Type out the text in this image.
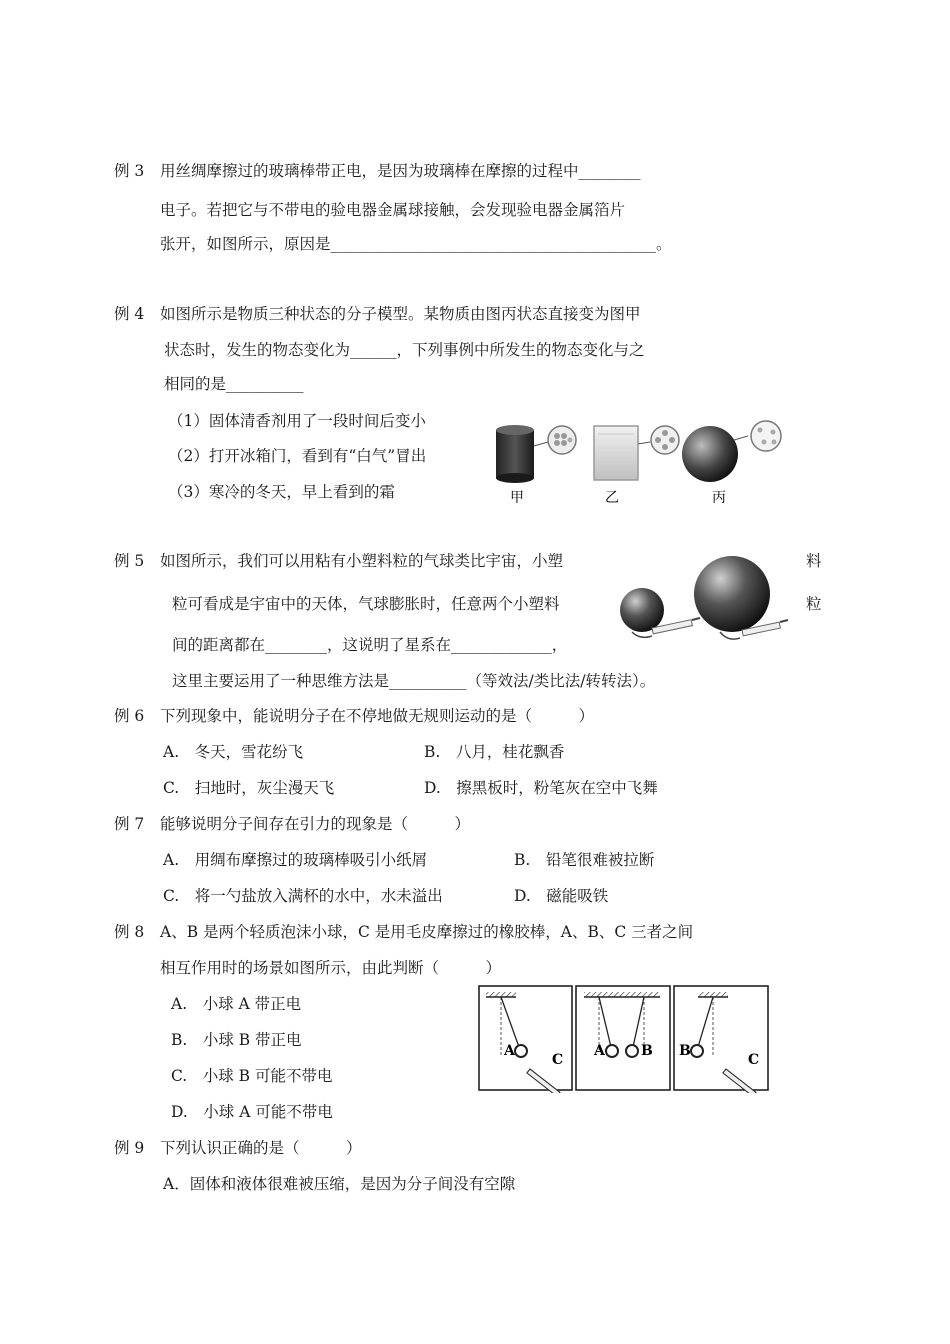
例 3 用丝绸摩擦过的玻璃棒带正电，是因为玻璃棒在摩擦的过程中________
电子。若把它与不带电的验电器金属球接触，会发现验电器金属箔片
张开，如图所示，原因是__________________________________________。
例 4 如图所示是物质三种状态的分子模型。某物质由图丙状态直接变为图甲
状态时，发生的物态变化为______，下列事例中所发生的物态变化与之
相同的是__________
（1）固体清香剂用了一段时间后变小
（2）打开冰箱门，看到有“白气”冒出
（3）寒冷的冬天，早上看到的霜	甲	乙	丙
例 5 如图所示，我们可以用粘有小塑料粒的气球类比宇宙，小塑	料
粒可看成是宇宙中的天体，气球膨胀时，任意两个小塑料	粒
间的距离都在________，这说明了星系在_____________，
这里主要运用了一种思维方法是__________（等效法/类比法/转转法）。
例 6 下列现象中，能说明分子在不停地做无规则运动的是（　　　）
A.　冬天，雪花纷飞	B.　八月，桂花飘香
C.　扫地时，灰尘漫天飞	D.　擦黑板时，粉笔灰在空中飞舞
例 7 能够说明分子间存在引力的现象是（　　　）
A.　用绸布摩擦过的玻璃棒吸引小纸屑	B.　铅笔很难被拉断
C.　将一勺盐放入满杯的水中，水未溢出	D.　磁能吸铁
例 8 A、B 是两个轻质泡沫小球，C 是用毛皮摩擦过的橡胶棒，A、B、C 三者之间
相互作用时的场景如图所示，由此判断（　　　）
A.　小球 A 带正电
B.　小球 B 带正电
C.　小球 B 可能不带电
D.　小球 A 可能不带电
A
C
A	B B
C
例 9 下列认识正确的是（　　　）
A．固体和液体很难被压缩，是因为分子间没有空隙
